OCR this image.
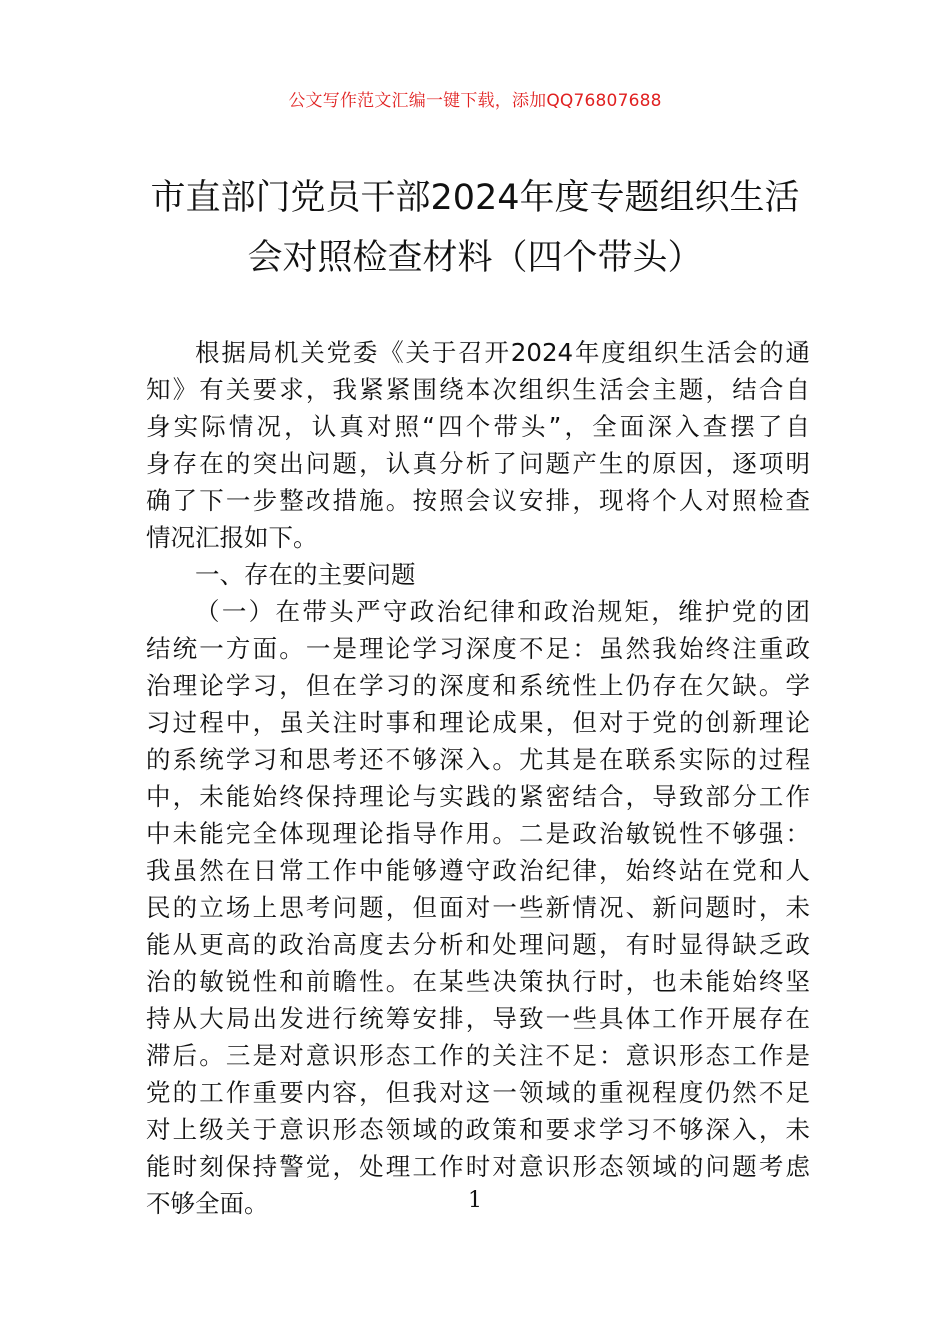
公文写作范文汇编一键下载，添加QQ76807688
市直部门党员干部2024年度专题组织生活
会对照检查材料（四个带头）
根据局机关党委《关于召开2024年度组织生活会的通
知》有关要求，我紧紧围绕本次组织生活会主题，结合自
身实际情况，认真对照“四个带头”，全面深入查摆了自
身存在的突出问题，认真分析了问题产生的原因，逐项明
确了下一步整改措施。按照会议安排，现将个人对照检查
情况汇报如下。
一、存在的主要问题
（一）在带头严守政治纪律和政治规矩，维护党的团
结统一方面。一是理论学习深度不足：虽然我始终注重政
治理论学习，但在学习的深度和系统性上仍存在欠缺。学
习过程中，虽关注时事和理论成果，但对于党的创新理论
的系统学习和思考还不够深入。尤其是在联系实际的过程
中，未能始终保持理论与实践的紧密结合，导致部分工作
中未能完全体现理论指导作用。二是政治敏锐性不够强：
我虽然在日常工作中能够遵守政治纪律，始终站在党和人
民的立场上思考问题，但面对一些新情况、新问题时，未
能从更高的政治高度去分析和处理问题，有时显得缺乏政
治的敏锐性和前瞻性。在某些决策执行时，也未能始终坚
持从大局出发进行统筹安排，导致一些具体工作开展存在
滞后。三是对意识形态工作的关注不足：意识形态工作是
党的工作重要内容，但我对这一领域的重视程度仍然不足
对上级关于意识形态领域的政策和要求学习不够深入，未
能时刻保持警觉，处理工作时对意识形态领域的问题考虑
不够全面。	1
